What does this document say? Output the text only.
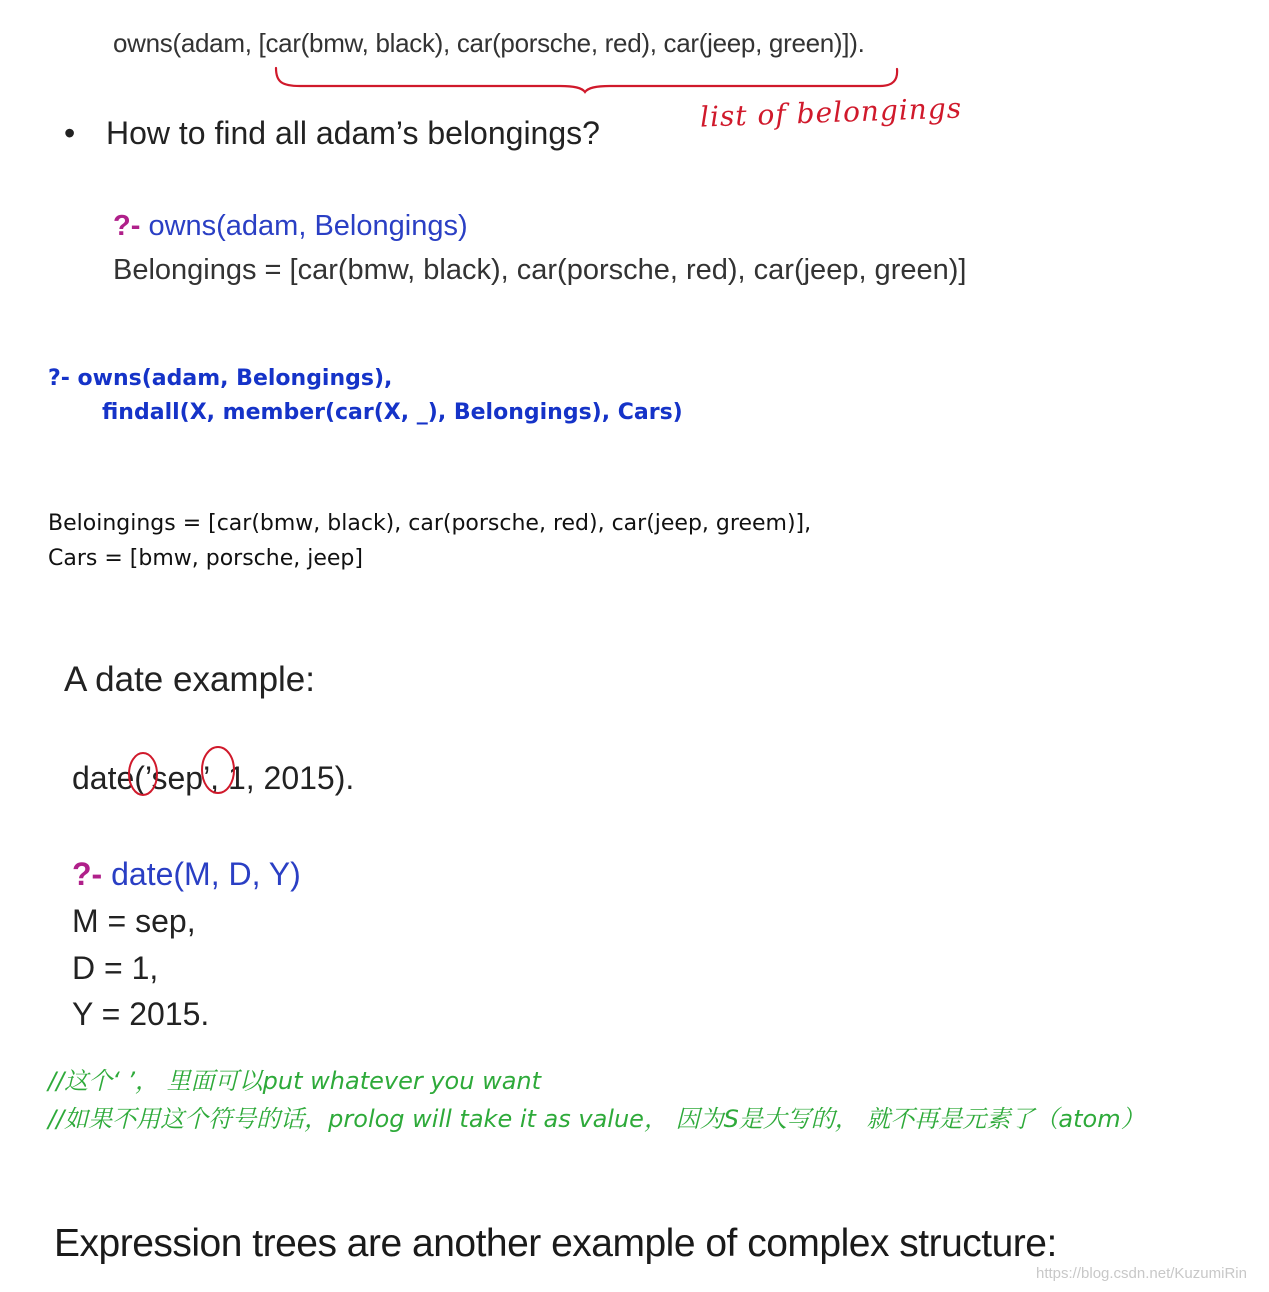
owns(adam, [car(bmw, black), car(porsche, red), car(jeep, green)]).
list of belongings
• How to find all adam’s belongings?
?- owns(adam, Belongings)
Belongings = [car(bmw, black), car(porsche, red), car(jeep, green)]
?- owns(adam, Belongings),
findall(X, member(car(X, _), Belongings), Cars)
Beloingings = [car(bmw, black), car(porsche, red), car(jeep, greem)],
Cars = [bmw, porsche, jeep]
A date example:
date(’sep’, 1, 2015).
?- date(M, D, Y)
M = sep,
D = 1,
Y = 2015.
//这个‘ ’， 里面可以put whatever you want
//如果不用这个符号的话，prolog will take it as value， 因为S是大写的， 就不再是元素了（atom）
Expression trees are another example of complex structure:
https://blog.csdn.net/KuzumiRin
